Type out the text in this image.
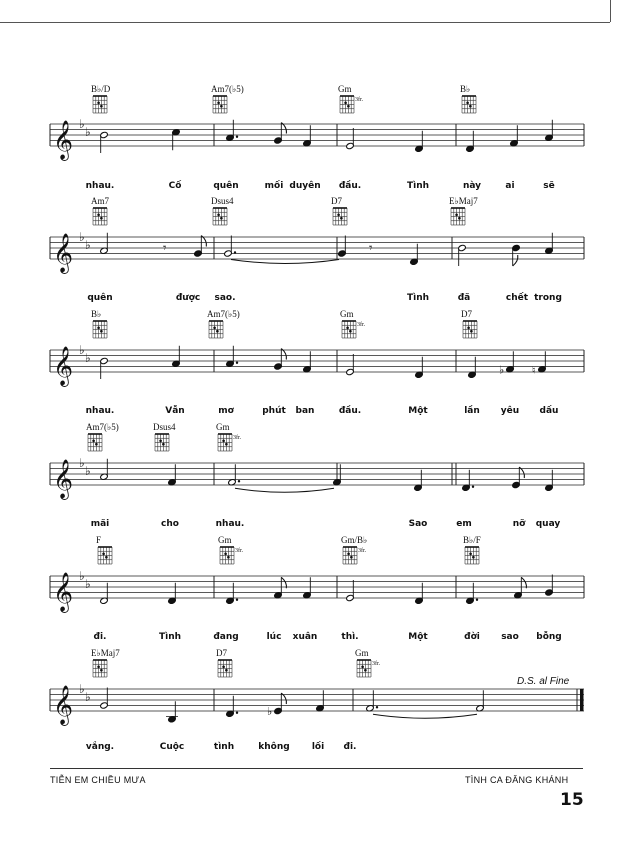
𝄞 ♭
♭
𝄞 ♭
♭	𝄾	𝄾
𝄞 ♭
♭
♭	♮
𝄞 ♭
♭
𝄞 ♭
♭
𝄞 ♭
♭
♭
B♭/D	Am7(♭5)	Gm
3fr.
B♭
nhau.	Cố	quên	mối duyên đầu.	Tình	này	ai	sẽ
Am7	Dsus4	D7	E♭Maj7
quên	được sao.	Tình	đã	chết trong
B♭	Am7(♭5)	Gm
3fr.
D7
nhau.	Vẫn	mơ	phút ban	đầu.	Một	lần yêu dấu
Am7(♭5)	Dsus4	Gm
3fr.
mãi	cho	nhau.	Sao	em	nỡ quay
F	Gm
3fr.
Gm/B♭
3fr.
B♭/F
đi.	Tình	đang	lúc xuân	thì.	Một	đời sao bỗng
E♭Maj7	D7	Gm
3fr.
vắng.	Cuộc	tình	không lối đi.
D.S. al Fine
TIỄN EM CHIỀU MƯA	TÌNH CA ĐĂNG KHÁNH
15
